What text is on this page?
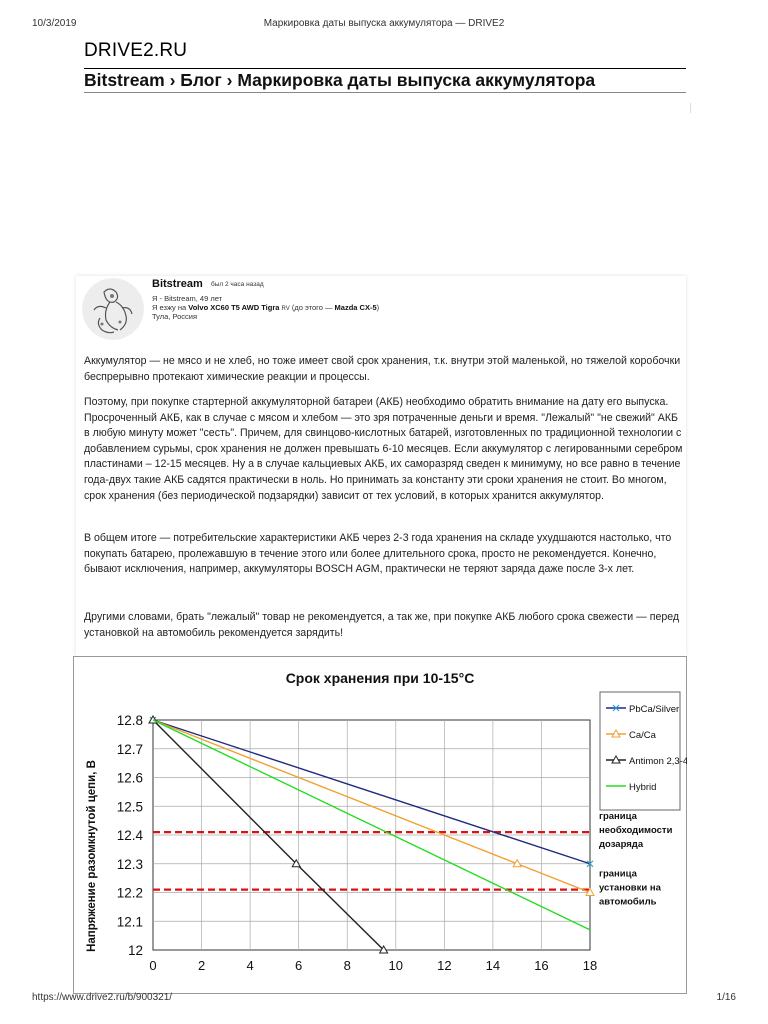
10/3/2019	Маркировка даты выпуска аккумулятора — DRIVE2
DRIVE2.RU
Bitstream › Блог › Маркировка даты выпуска аккумулятора
Bitstream был 2 часа назад
Я - Bitstream, 49 лет
Я езжу на Volvo XC60 T5 AWD Tigra RV (до этого — Mazda CX-5)
Тула, Россия

Аккумулятор — не мясо и не хлеб, но тоже имеет свой срок хранения, т.к. внутри этой маленькой, но тяжелой коробочки беспрерывно протекают химические реакции и процессы.

Поэтому, при покупке стартерной аккумуляторной батареи (АКБ) необходимо обратить внимание на дату его выпуска. Просроченный АКБ, как в случае с мясом и хлебом — это зря потраченные деньги и время. "Лежалый" "не свежий" АКБ в любую минуту может "сесть". Причем, для свинцово-кислотных батарей, изготовленных по традиционной технологии с добавлением сурьмы, срок хранения не должен превышать 6-10 месяцев. Если аккумулятор с легированными серебром пластинами – 12-15 месяцев. Ну а в случае кальциевых АКБ, их саморазряд сведен к минимуму, но все равно в течение года-двух такие АКБ садятся практически в ноль. Но принимать за константу эти сроки хранения не стоит. Во многом, срок хранения (без периодической подзарядки) зависит от тех условий, в которых хранится аккумулятор.

В общем итоге — потребительские характеристики АКБ через 2-3 года хранения на складе ухудшаются настолько, что покупать батарею, пролежавшую в течение этого или более длительного срока, просто не рекомендуется. Конечно, бывают исключения, например, аккумуляторы BOSCH AGM, практически не теряют заряда даже после 3-х лет.

Другими словами, брать "лежалый" товар не рекомендуется, а так же, при покупке АКБ любого срока свежести — перед установкой на автомобиль рекомендуется зарядить!

Срок хранения при 10-15°С
0	2	4	6	8	10	12	14	16	18
12
12.1
12.2
12.3
12.4
12.5
12.6
12.7
12.8
Напряжение разомкнутой цепи, В
PbCa/Silver
Ca/Ca
Antimon 2,3-4
Hybrid
граница
необходимости
дозаряда
граница
установки на
автомобиль
https://www.drive2.ru/b/900321/	1/16
